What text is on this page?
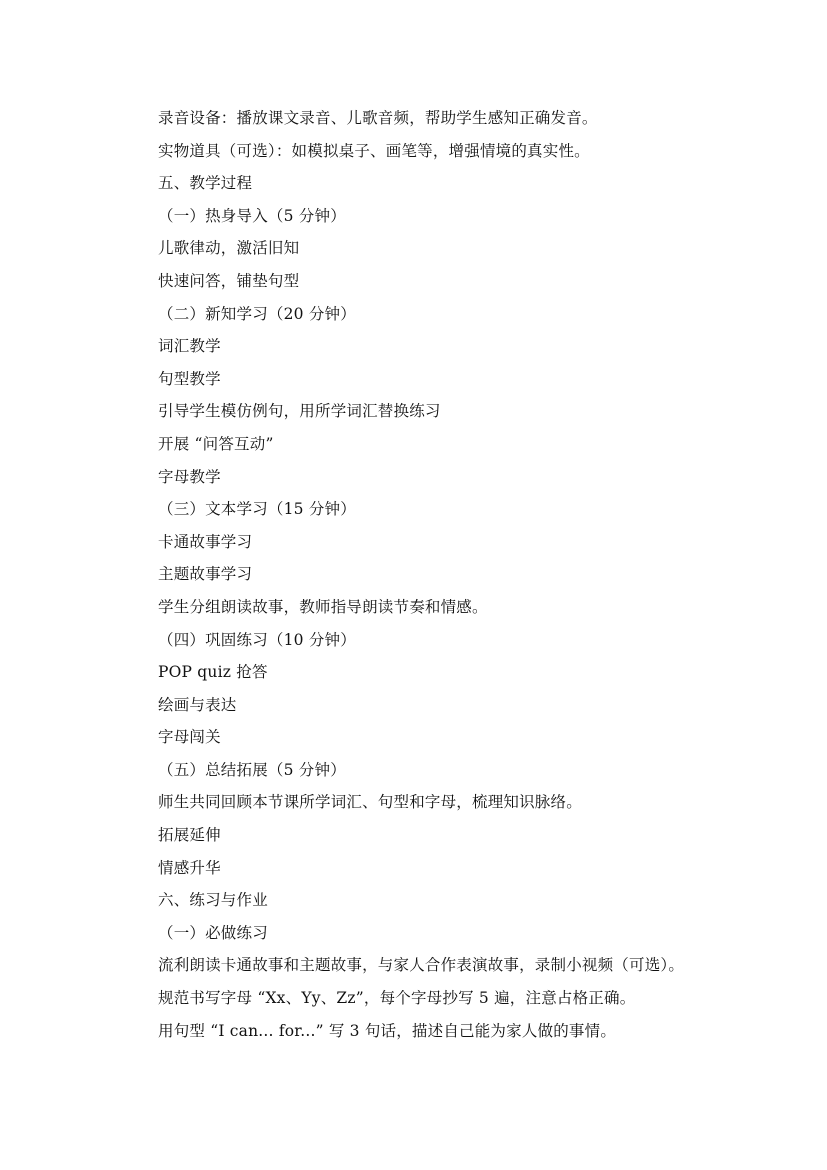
录音设备：播放课文录音、儿歌音频，帮助学生感知正确发音。
实物道具（可选）：如模拟桌子、画笔等，增强情境的真实性。
五、教学过程
（一）热身导入（5 分钟）
儿歌律动，激活旧知
快速问答，铺垫句型
（二）新知学习（20 分钟）
词汇教学
句型教学
引导学生模仿例句，用所学词汇替换练习
开展 “问答互动”
字母教学
（三）文本学习（15 分钟）
卡通故事学习
主题故事学习
学生分组朗读故事，教师指导朗读节奏和情感。
（四）巩固练习（10 分钟）
POP quiz 抢答
绘画与表达
字母闯关
（五）总结拓展（5 分钟）
师生共同回顾本节课所学词汇、句型和字母，梳理知识脉络。
拓展延伸
情感升华
六、练习与作业
（一）必做练习
流利朗读卡通故事和主题故事，与家人合作表演故事，录制小视频（可选）。
规范书写字母 “Xx、Yy、Zz”，每个字母抄写 5 遍，注意占格正确。
用句型 “I can... for...” 写 3 句话，描述自己能为家人做的事情。
